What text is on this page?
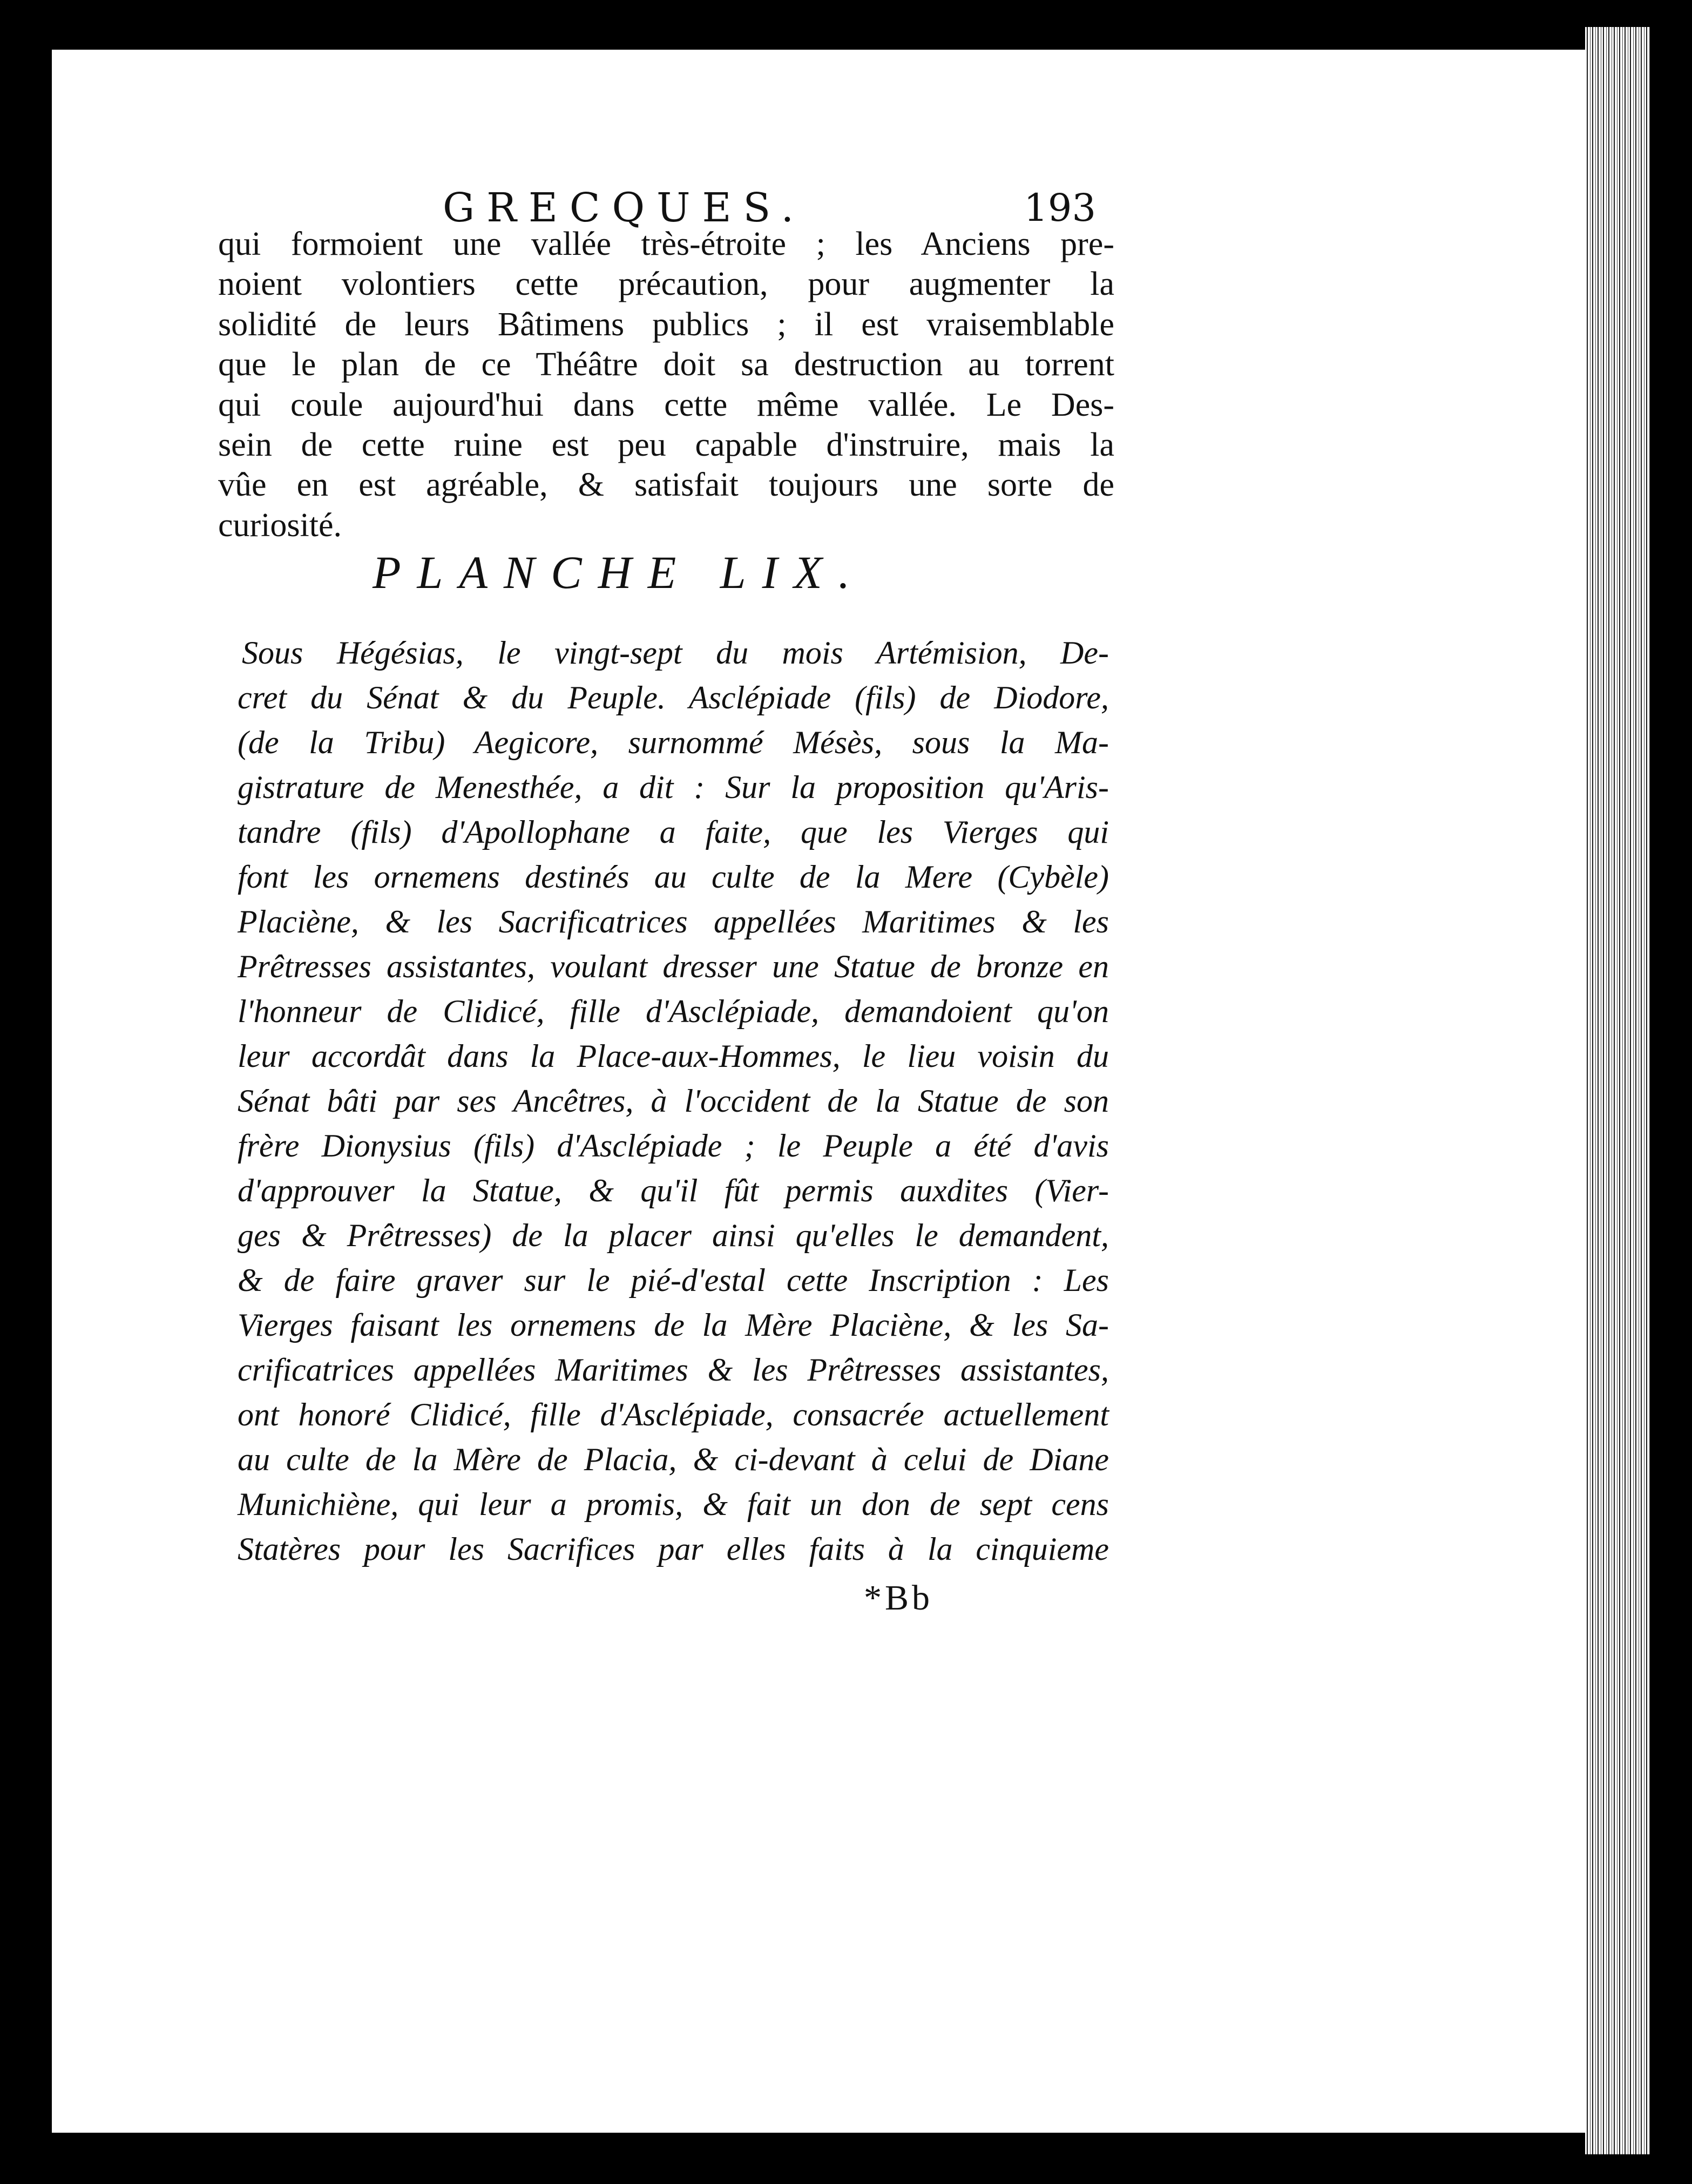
GRECQUES.	193
qui formoient une vallée très-étroite ; les Anciens pre-
noient volontiers cette précaution, pour augmenter la
solidité de leurs Bâtimens publics ; il est vraisemblable
que le plan de ce Théâtre doit sa destruction au torrent
qui coule aujourd'hui dans cette même vallée. Le Des-
sein de cette ruine est peu capable d'instruire, mais la
vûe en est agréable, & satisfait toujours une sorte de
curiosité.
PLANCHE LIX.
Sous Hégésias, le vingt-sept du mois Artémision, De-
cret du Sénat & du Peuple. Asclépiade (fils) de Diodore,
(de la Tribu) Aegicore, surnommé Mésès, sous la Ma-
gistrature de Menesthée, a dit : Sur la proposition qu'Aris-
tandre (fils) d'Apollophane a faite, que les Vierges qui
font les ornemens destinés au culte de la Mere (Cybèle)
Placiène, & les Sacrificatrices appellées Maritimes & les
Prêtresses assistantes, voulant dresser une Statue de bronze en
l'honneur de Clidicé, fille d'Asclépiade, demandoient qu'on
leur accordât dans la Place-aux-Hommes, le lieu voisin du
Sénat bâti par ses Ancêtres, à l'occident de la Statue de son
frère Dionysius (fils) d'Asclépiade ; le Peuple a été d'avis
d'approuver la Statue, & qu'il fût permis auxdites (Vier-
ges & Prêtresses) de la placer ainsi qu'elles le demandent,
& de faire graver sur le pié-d'estal cette Inscription : Les
Vierges faisant les ornemens de la Mère Placiène, & les Sa-
crificatrices appellées Maritimes & les Prêtresses assistantes,
ont honoré Clidicé, fille d'Asclépiade, consacrée actuellement
au culte de la Mère de Placia, & ci-devant à celui de Diane
Munichiène, qui leur a promis, & fait un don de sept cens
Statères pour les Sacrifices par elles faits à la cinquieme
*Bb
